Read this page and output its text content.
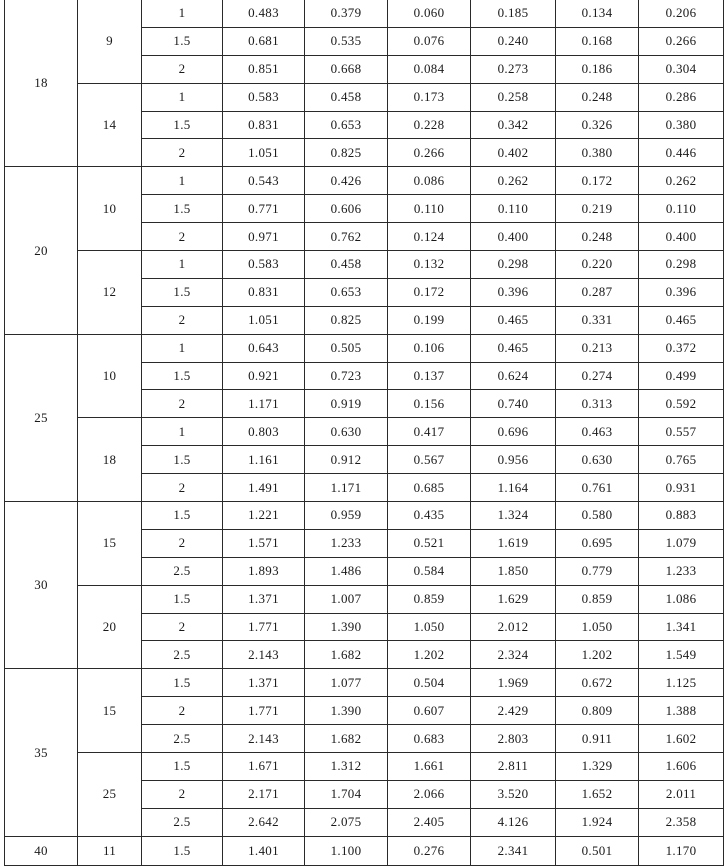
18	9	1	0.483	0.379	0.060	0.185	0.134	0.206
		1.5	0.681	0.535	0.076	0.240	0.168	0.266
		2	0.851	0.668	0.084	0.273	0.186	0.304
	14	1	0.583	0.458	0.173	0.258	0.248	0.286
		1.5	0.831	0.653	0.228	0.342	0.326	0.380
		2	1.051	0.825	0.266	0.402	0.380	0.446
20	10	1	0.543	0.426	0.086	0.262	0.172	0.262
		1.5	0.771	0.606	0.110	0.110	0.219	0.110
		2	0.971	0.762	0.124	0.400	0.248	0.400
	12	1	0.583	0.458	0.132	0.298	0.220	0.298
		1.5	0.831	0.653	0.172	0.396	0.287	0.396
		2	1.051	0.825	0.199	0.465	0.331	0.465
25	10	1	0.643	0.505	0.106	0.465	0.213	0.372
		1.5	0.921	0.723	0.137	0.624	0.274	0.499
		2	1.171	0.919	0.156	0.740	0.313	0.592
	18	1	0.803	0.630	0.417	0.696	0.463	0.557
		1.5	1.161	0.912	0.567	0.956	0.630	0.765
		2	1.491	1.171	0.685	1.164	0.761	0.931
30	15	1.5	1.221	0.959	0.435	1.324	0.580	0.883
		2	1.571	1.233	0.521	1.619	0.695	1.079
		2.5	1.893	1.486	0.584	1.850	0.779	1.233
	20	1.5	1.371	1.007	0.859	1.629	0.859	1.086
		2	1.771	1.390	1.050	2.012	1.050	1.341
		2.5	2.143	1.682	1.202	2.324	1.202	1.549
35	15	1.5	1.371	1.077	0.504	1.969	0.672	1.125
		2	1.771	1.390	0.607	2.429	0.809	1.388
		2.5	2.143	1.682	0.683	2.803	0.911	1.602
	25	1.5	1.671	1.312	1.661	2.811	1.329	1.606
		2	2.171	1.704	2.066	3.520	1.652	2.011
		2.5	2.642	2.075	2.405	4.126	1.924	2.358
40	11	1.5	1.401	1.100	0.276	2.341	0.501	1.170
